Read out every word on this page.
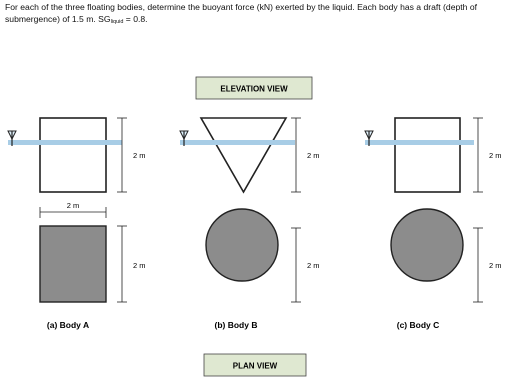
For each of the three floating bodies, determine the buoyant force (kN) exerted by the liquid. Each body has a draft (depth of submergence) of 1.5 m. SGliquid = 0.8.
ELEVATION VIEW
PLAN VIEW
2 m
2 m
2 m
(a) Body A
2 m
2 m
(b) Body B
2 m
2 m
(c) Body C
